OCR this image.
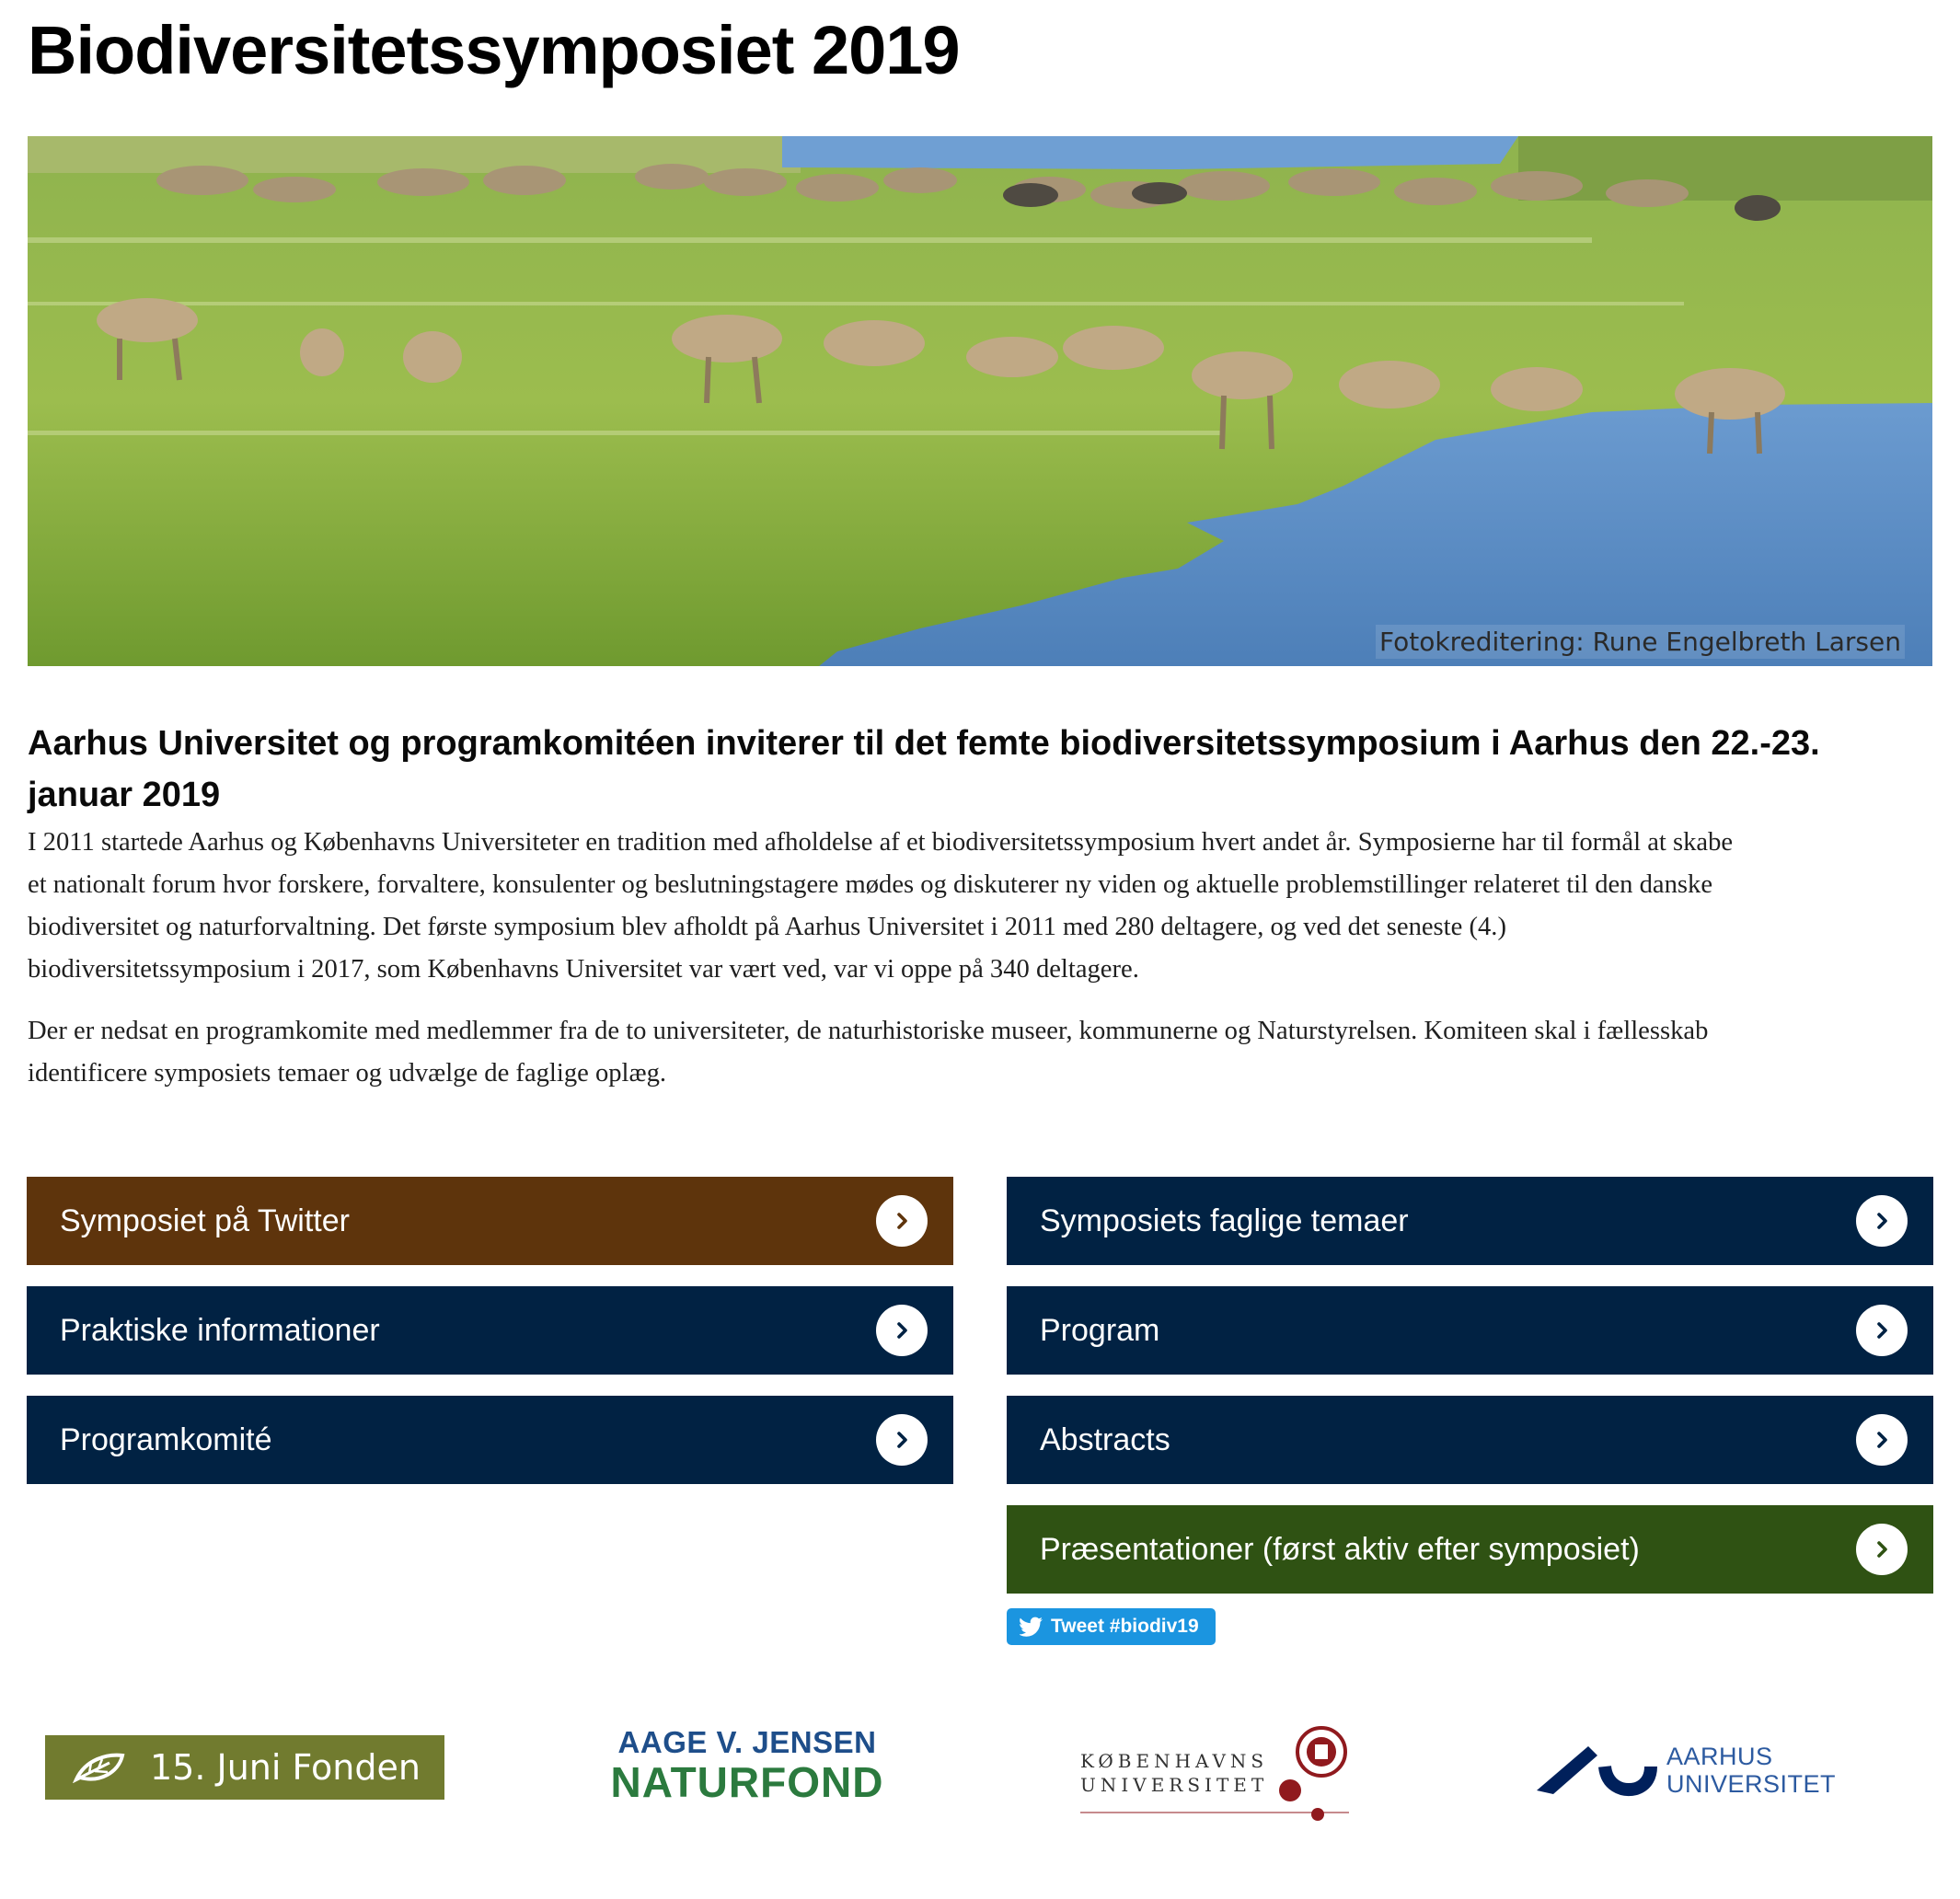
Biodiversitetssymposiet 2019
Fotokreditering: Rune Engelbreth Larsen
Aarhus Universitet og programkomitéen inviterer til det femte biodiversitetssymposium i Aarhus den 22.-23. januar 2019
I 2011 startede Aarhus og Københavns Universiteter en tradition med afholdelse af et biodiversitetssymposium hvert andet år. Symposierne har til formål at skabe
et nationalt forum hvor forskere, forvaltere, konsulenter og beslutningstagere mødes og diskuterer ny viden og aktuelle problemstillinger relateret til den danske
biodiversitet og naturforvaltning. Det første symposium blev afholdt på Aarhus Universitet i 2011 med 280 deltagere, og ved det seneste (4.)
biodiversitetssymposium i 2017, som Københavns Universitet var vært ved, var vi oppe på 340 deltagere.
Der er nedsat en programkomite med medlemmer fra de to universiteter, de naturhistoriske museer, kommunerne og Naturstyrelsen. Komiteen skal i fællesskab
identificere symposiets temaer og udvælge de faglige oplæg.
Symposiet på Twitter
Praktiske informationer
Programkomité
Symposiets faglige temaer
Program
Abstracts
Præsentationer (først aktiv efter symposiet)
Tweet #biodiv19
15. Juni Fonden
AAGE V. JENSEN
NATURFOND	KØBENHAVNS
UNIVERSITET
AARHUS
UNIVERSITET
